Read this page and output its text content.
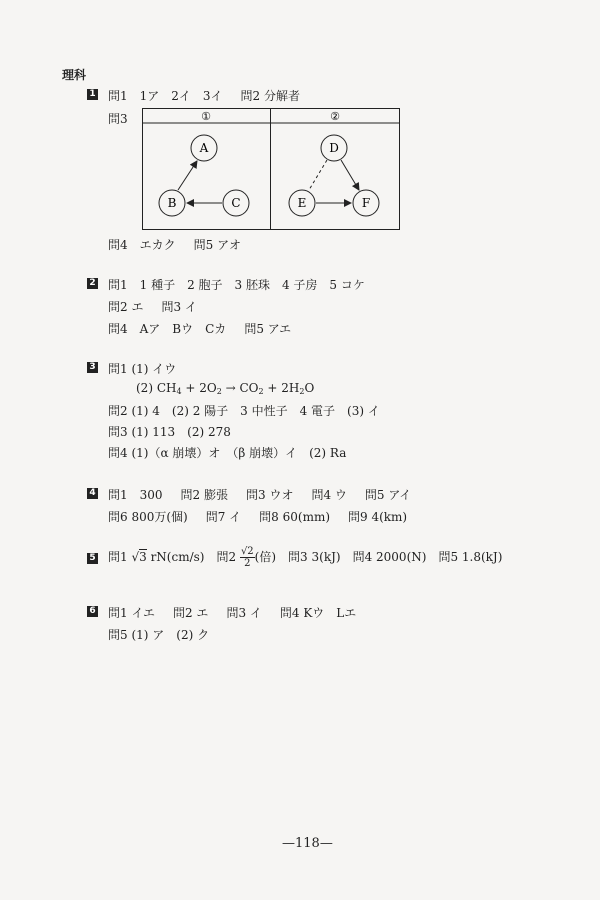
理科
1 問1　1ア　2イ　3イ 問2 分解者
問3	①	②
A
B	C
D
E	F
問4　エカク 問5 アオ
2 問1　1 種子　2 胞子　3 胚珠　4 子房　5 コケ
問2 エ 問3 イ
問4　Aア　Bウ　Cカ 問5 アエ
3 問1 (1) イウ
(2) $CH_4 + 2O_2 \to CO_2 + 2H_2O$
問2 (1) 4　(2) 2 陽子　3 中性子　4 電子　(3) イ
問3 (1) 113　(2) 278
問4 (1)（α 崩壊）オ　（β 崩壊）イ　(2) Ra
4 問1　300 問2 膨張 問3 ウオ 問4 ウ 問5 アイ
問6 800万(個) 問7 イ 問8 60(mm) 問9 4(km)
5 問1 √3 rN(cm/s) 問$2 \frac{√2}{2}$ (倍) 問3 3(kJ) 問4 2000(N) 問5 1.8(kJ)
6 問1 イエ 問2 エ 問3 イ 問4 Kウ　Lエ
問5 (1) ア　(2) ク
—118—
